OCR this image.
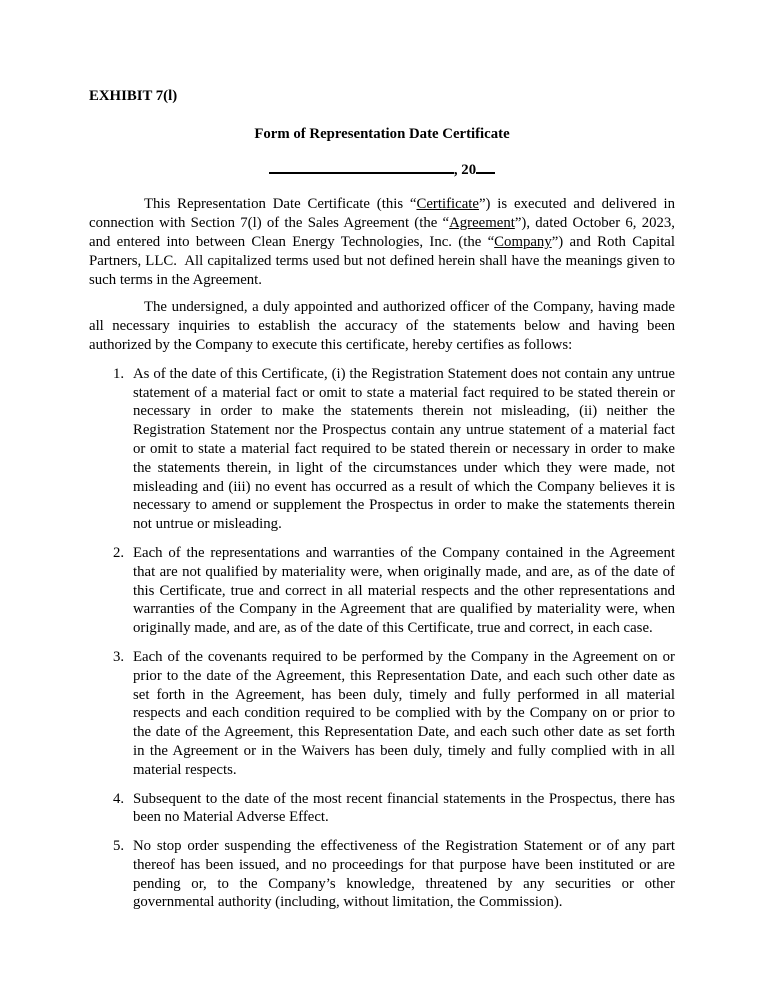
EXHIBIT 7(l)
Form of Representation Date Certificate
, 20

This Representation Date Certificate (this “Certificate”) is executed and delivered in connection with Section 7(l) of the Sales Agreement (the “Agreement”), dated October 6, 2023, and entered into between Clean Energy Technologies, Inc. (the “Company”) and Roth Capital Partners, LLC.  All capitalized terms used but not defined herein shall have the meanings given to such terms in the Agreement.

The undersigned, a duly appointed and authorized officer of the Company, having made all necessary inquiries to establish the accuracy of the statements below and having been authorized by the Company to execute this certificate, hereby certifies as follows:

1. As of the date of this Certificate, (i) the Registration Statement does not contain any untrue statement of a material fact or omit to state a material fact required to be stated therein or necessary in order to make the statements therein not misleading, (ii) neither the Registration Statement nor the Prospectus contain any untrue statement of a material fact or omit to state a material fact required to be stated therein or necessary in order to make the statements therein, in light of the circumstances under which they were made, not misleading and (iii) no event has occurred as a result of which the Company believes it is necessary to amend or supplement the Prospectus in order to make the statements therein not untrue or misleading.
2. Each of the representations and warranties of the Company contained in the Agreement that are not qualified by materiality were, when originally made, and are, as of the date of this Certificate, true and correct in all material respects and the other representations and warranties of the Company in the Agreement that are qualified by materiality were, when originally made, and are, as of the date of this Certificate, true and correct, in each case.
3. Each of the covenants required to be performed by the Company in the Agreement on or prior to the date of the Agreement, this Representation Date, and each such other date as set forth in the Agreement, has been duly, timely and fully performed in all material respects and each condition required to be complied with by the Company on or prior to the date of the Agreement, this Representation Date, and each such other date as set forth in the Agreement or in the Waivers has been duly, timely and fully complied with in all material respects.
4. Subsequent to the date of the most recent financial statements in the Prospectus, there has been no Material Adverse Effect.
5. No stop order suspending the effectiveness of the Registration Statement or of any part thereof has been issued, and no proceedings for that purpose have been instituted or are pending or, to the Company’s knowledge, threatened by any securities or other governmental authority (including, without limitation, the Commission).
